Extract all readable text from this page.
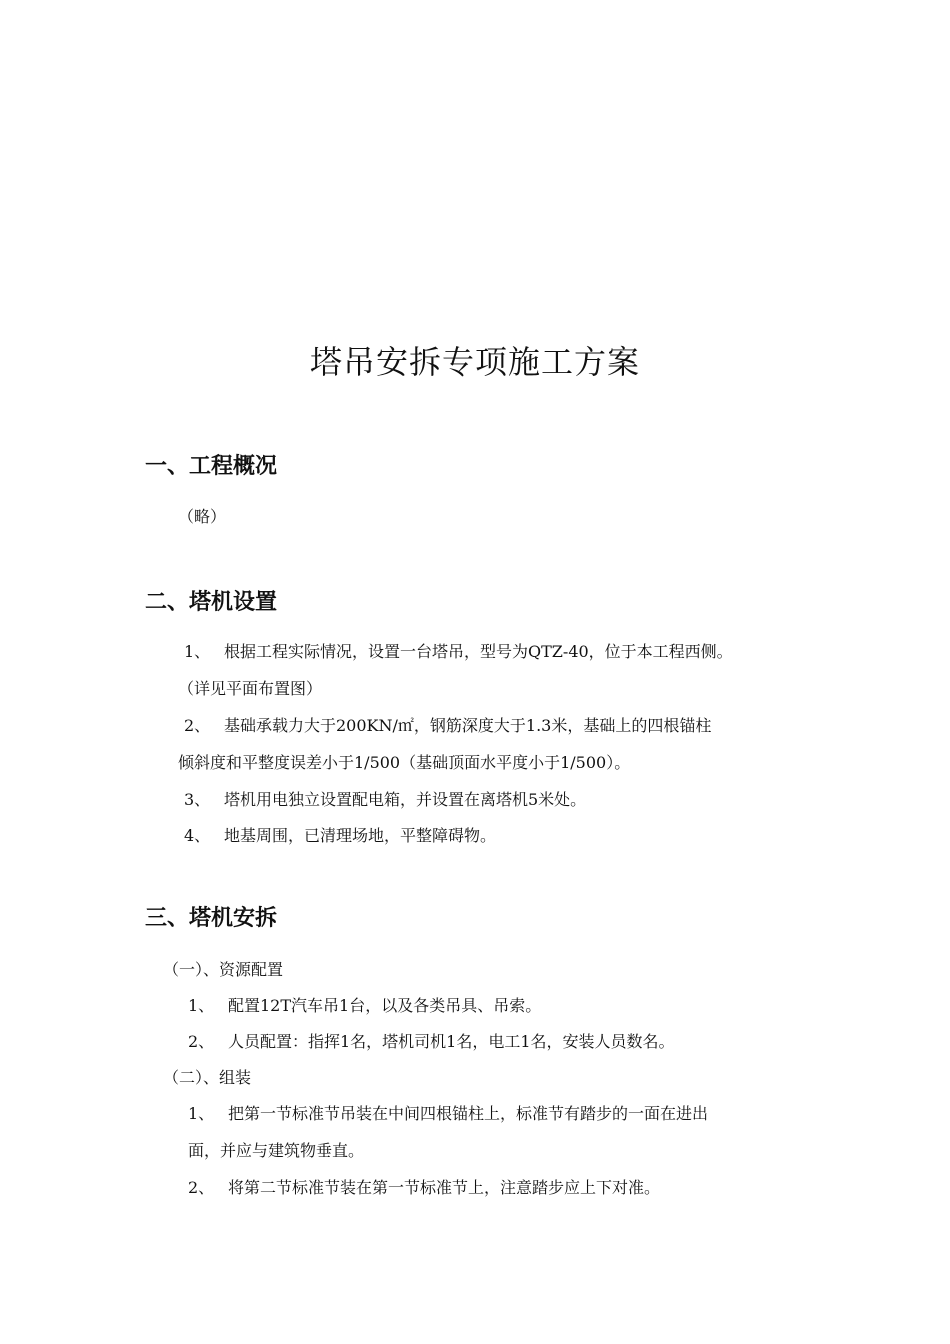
塔吊安拆专项施工方案
一、工程概况
（略）
二、塔机设置
1、 根据工程实际情况，设置一台塔吊，型号为QTZ-40，位于本工程西侧。
（详见平面布置图）
2、 基础承载力大于200KN/㎡，钢筋深度大于1.3米，基础上的四根锚柱
倾斜度和平整度误差小于1/500（基础顶面水平度小于1/500）。
3、 塔机用电独立设置配电箱，并设置在离塔机5米处。
4、 地基周围，已清理场地，平整障碍物。
三、塔机安拆
（一）、资源配置
1、 配置12T汽车吊1台，以及各类吊具、吊索。
2、 人员配置：指挥1名，塔机司机1名，电工1名，安装人员数名。
（二）、组装
1、 把第一节标准节吊装在中间四根锚柱上，标准节有踏步的一面在进出
面，并应与建筑物垂直。
2、 将第二节标准节装在第一节标准节上，注意踏步应上下对准。
